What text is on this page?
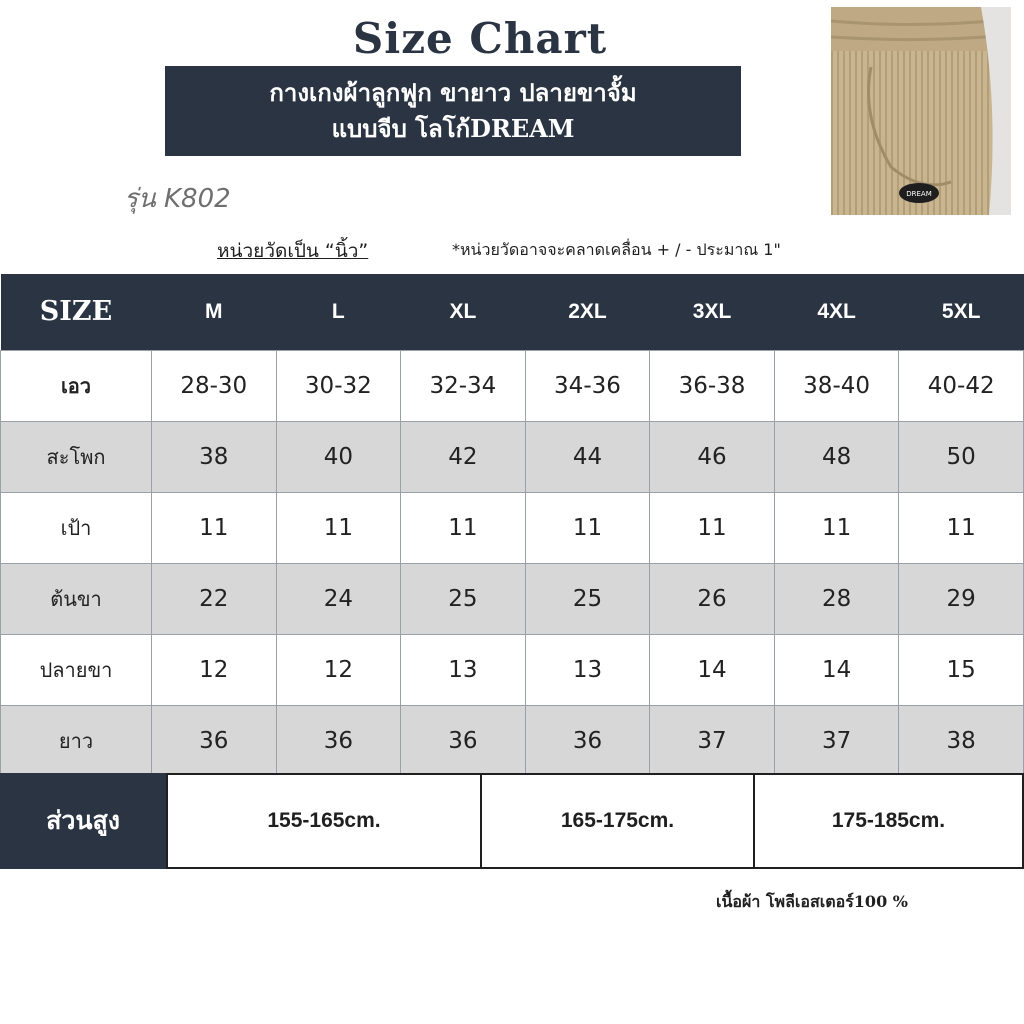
Size Chart
กางเกงผ้าลูกฟูก ขายาว ปลายขาจั้ม
แบบจีบ โลโก้DREAM
รุ่น K802	DREAM
หน่วยวัดเป็น “นิ้ว”	*หน่วยวัดอาจจะคลาดเคลื่อน + / - ประมาณ 1"
SIZE	M	L	XL	2XL	3XL	4XL	5XL
เอว	28-30	30-32	32-34	34-36	36-38	38-40	40-42
สะโพก	38	40	42	44	46	48	50
เป้า	11	11	11	11	11	11	11
ต้นขา	22	24	25	25	26	28	29
ปลายขา	12	12	13	13	14	14	15
ยาว	36	36	36	36	37	37	38
ส่วนสูง	155-165cm.	165-175cm.	175-185cm.
เนื้อผ้า โพลีเอสเตอร์100 %
